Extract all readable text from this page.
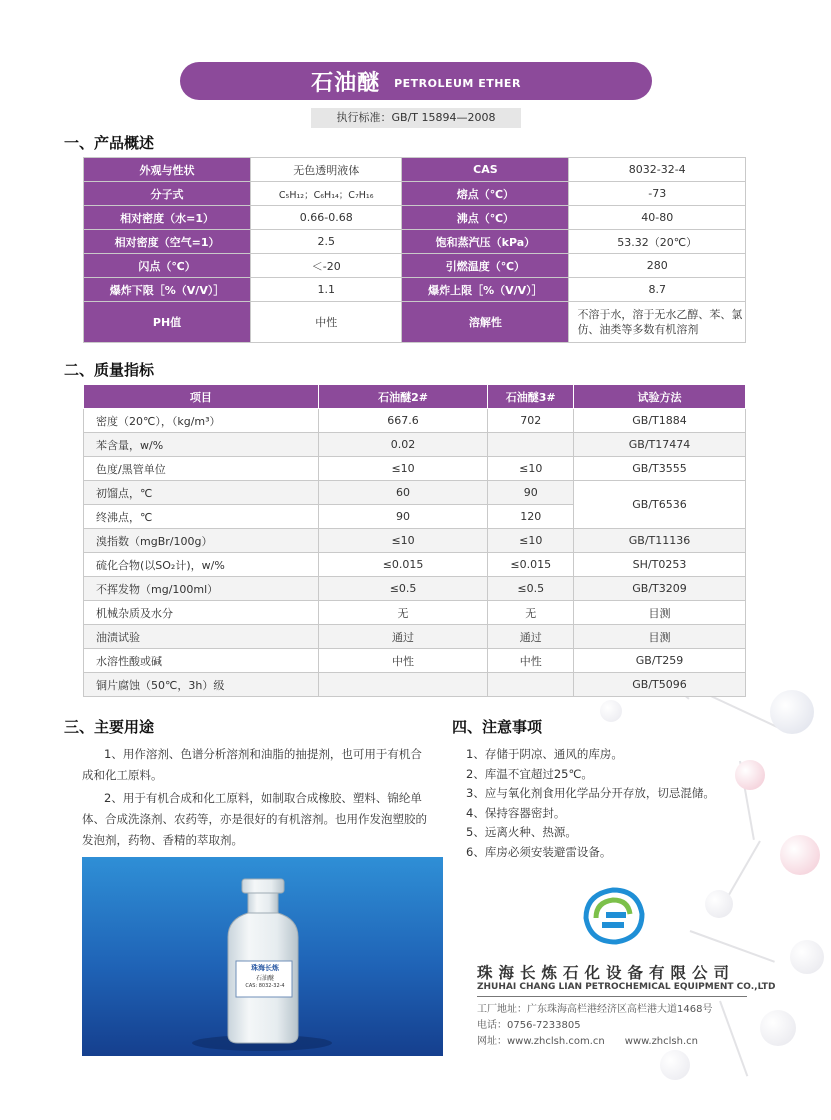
石油醚 PETROLEUM ETHER
执行标准：GB/T 15894—2008
一、产品概述
外观与性状	无色透明液体	CAS	8032-32-4
分子式	C₅H₁₂；C₆H₁₄；C₇H₁₆	熔点（℃）	-73
相对密度（水=1）	0.66-0.68	沸点（℃）	40-80
相对密度（空气=1）	2.5	饱和蒸汽压（kPa）	53.32（20℃）
闪点（℃）	＜-20	引燃温度（℃）	280
爆炸下限［%（V/V）］	1.1	爆炸上限［%（V/V）］	8.7
PH值	中性	溶解性	不溶于水，溶于无水乙醇、苯、氯仿、油类等多数有机溶剂
二、质量指标
项目	石油醚2#	石油醚3#	试验方法
密度（20℃），（kg/m³）	667.6	702	GB/T1884
苯含量，w/%	0.02		GB/T17474
色度/黑管单位	≤10	≤10	GB/T3555
初馏点，℃	60	90	GB/T6536
终沸点，℃	90	120	
溴指数（mgBr/100g）	≤10	≤10	GB/T11136
硫化合物(以SO₂计)，w/%	≤0.015	≤0.015	SH/T0253
不挥发物（mg/100ml）	≤0.5	≤0.5	GB/T3209
机械杂质及水分	无	无	目测
油渍试验	通过	通过	目测
水溶性酸或碱	中性	中性	GB/T259
铜片腐蚀（50℃，3h）级			GB/T5096
三、主要用途
1、用作溶剂、色谱分析溶剂和油脂的抽提剂，也可用于有机合成和化工原料。
2、用于有机合成和化工原料，如制取合成橡胶、塑料、锦纶单体、合成洗涤剂、农药等，亦是很好的有机溶剂。也用作发泡塑胶的发泡剂，药物、香精的萃取剂。
珠海长炼
石油醚
CAS: 8032-32-4
四、注意事项
1、存储于阴凉、通风的库房。
2、库温不宜超过25℃。
3、应与氧化剂食用化学品分开存放，切忌混储。
4、保持容器密封。
5、远离火种、热源。
6、库房必须安装避雷设备。
珠海长炼石化设备有限公司
ZHUHAI CHANG LIAN PETROCHEMICAL EQUIPMENT CO.,LTD
工厂地址：广东珠海高栏港经济区高栏港大道1468号
电话：0756-7233805
网址：www.zhclsh.com.cn www.zhclsh.cn
